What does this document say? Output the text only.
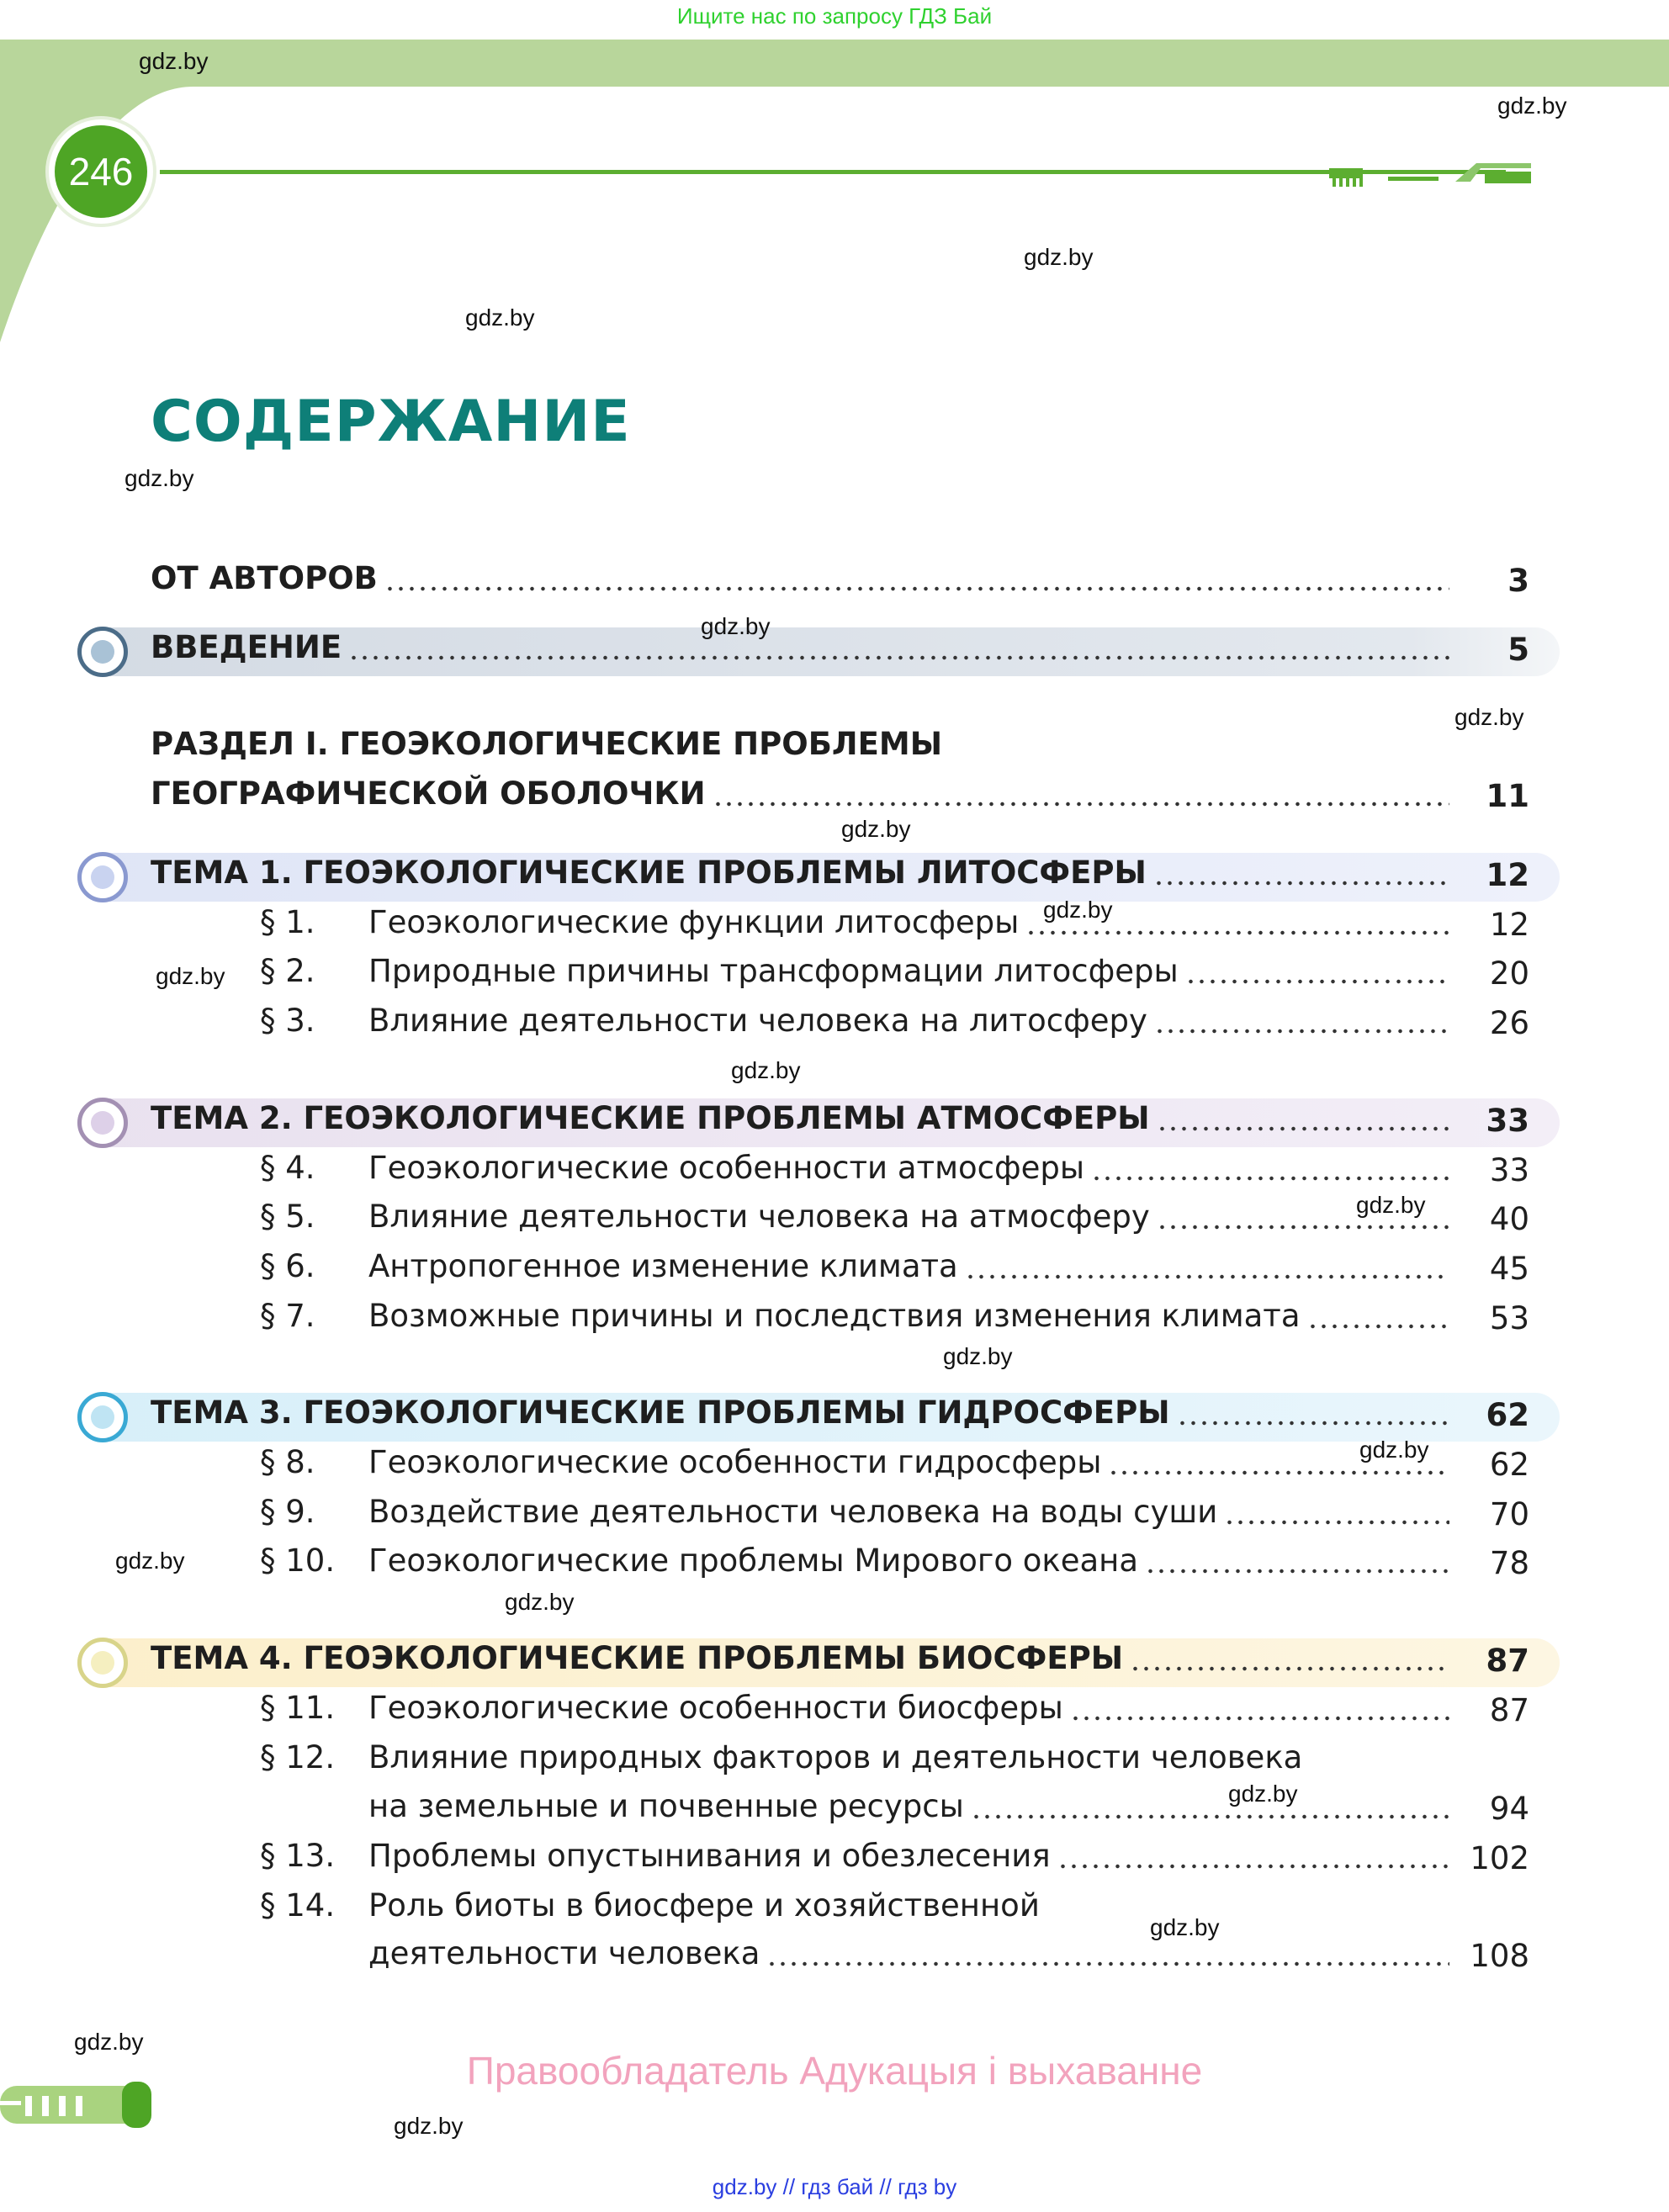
Ищите нас по запросу ГДЗ Бай
246
СОДЕРЖАНИЕ
ОТ АВТОРОВ	3
ВВЕДЕНИЕ	5
РАЗДЕЛ I. ГЕОЭКОЛОГИЧЕСКИЕ ПРОБЛЕМЫ
ГЕОГРАФИЧЕСКОЙ ОБОЛОЧКИ	11
ТЕМА 1. ГЕОЭКОЛОГИЧЕСКИЕ ПРОБЛЕМЫ ЛИТОСФЕРЫ	12
§ 1.	Геоэкологические функции литосферы	12
§ 2.	Природные причины трансформации литосферы	20
§ 3.	Влияние деятельности человека на литосферу	26
ТЕМА 2. ГЕОЭКОЛОГИЧЕСКИЕ ПРОБЛЕМЫ АТМОСФЕРЫ	33
§ 4.	Геоэкологические особенности атмосферы	33
§ 5.	Влияние деятельности человека на атмосферу	40
§ 6.	Антропогенное изменение климата	45
§ 7.	Возможные причины и последствия изменения климата	53
ТЕМА 3. ГЕОЭКОЛОГИЧЕСКИЕ ПРОБЛЕМЫ ГИДРОСФЕРЫ	62
§ 8.	Геоэкологические особенности гидросферы	62
§ 9.	Воздействие деятельности человека на воды суши	70
§ 10.	Геоэкологические проблемы Мирового океана	78
ТЕМА 4. ГЕОЭКОЛОГИЧЕСКИЕ ПРОБЛЕМЫ БИОСФЕРЫ	87
§ 11.	Геоэкологические особенности биосферы	87
§ 12.	Влияние природных факторов и деятельности человека
на земельные и почвенные ресурсы	94
§ 13.	Проблемы опустынивания и обезлесения	102
§ 14.	Роль биоты в биосфере и хозяйственной
деятельности человека	108
gdz.by
gdz.by
gdz.by
gdz.by
gdz.by
gdz.by
gdz.by
gdz.by
gdz.by
gdz.by
gdz.by
gdz.by
gdz.by
gdz.by
gdz.by
gdz.by
gdz.by
gdz.by
gdz.by
gdz.by
Правообладатель Адукацыя і выхаванне
gdz.by // гдз бай // гдз by
